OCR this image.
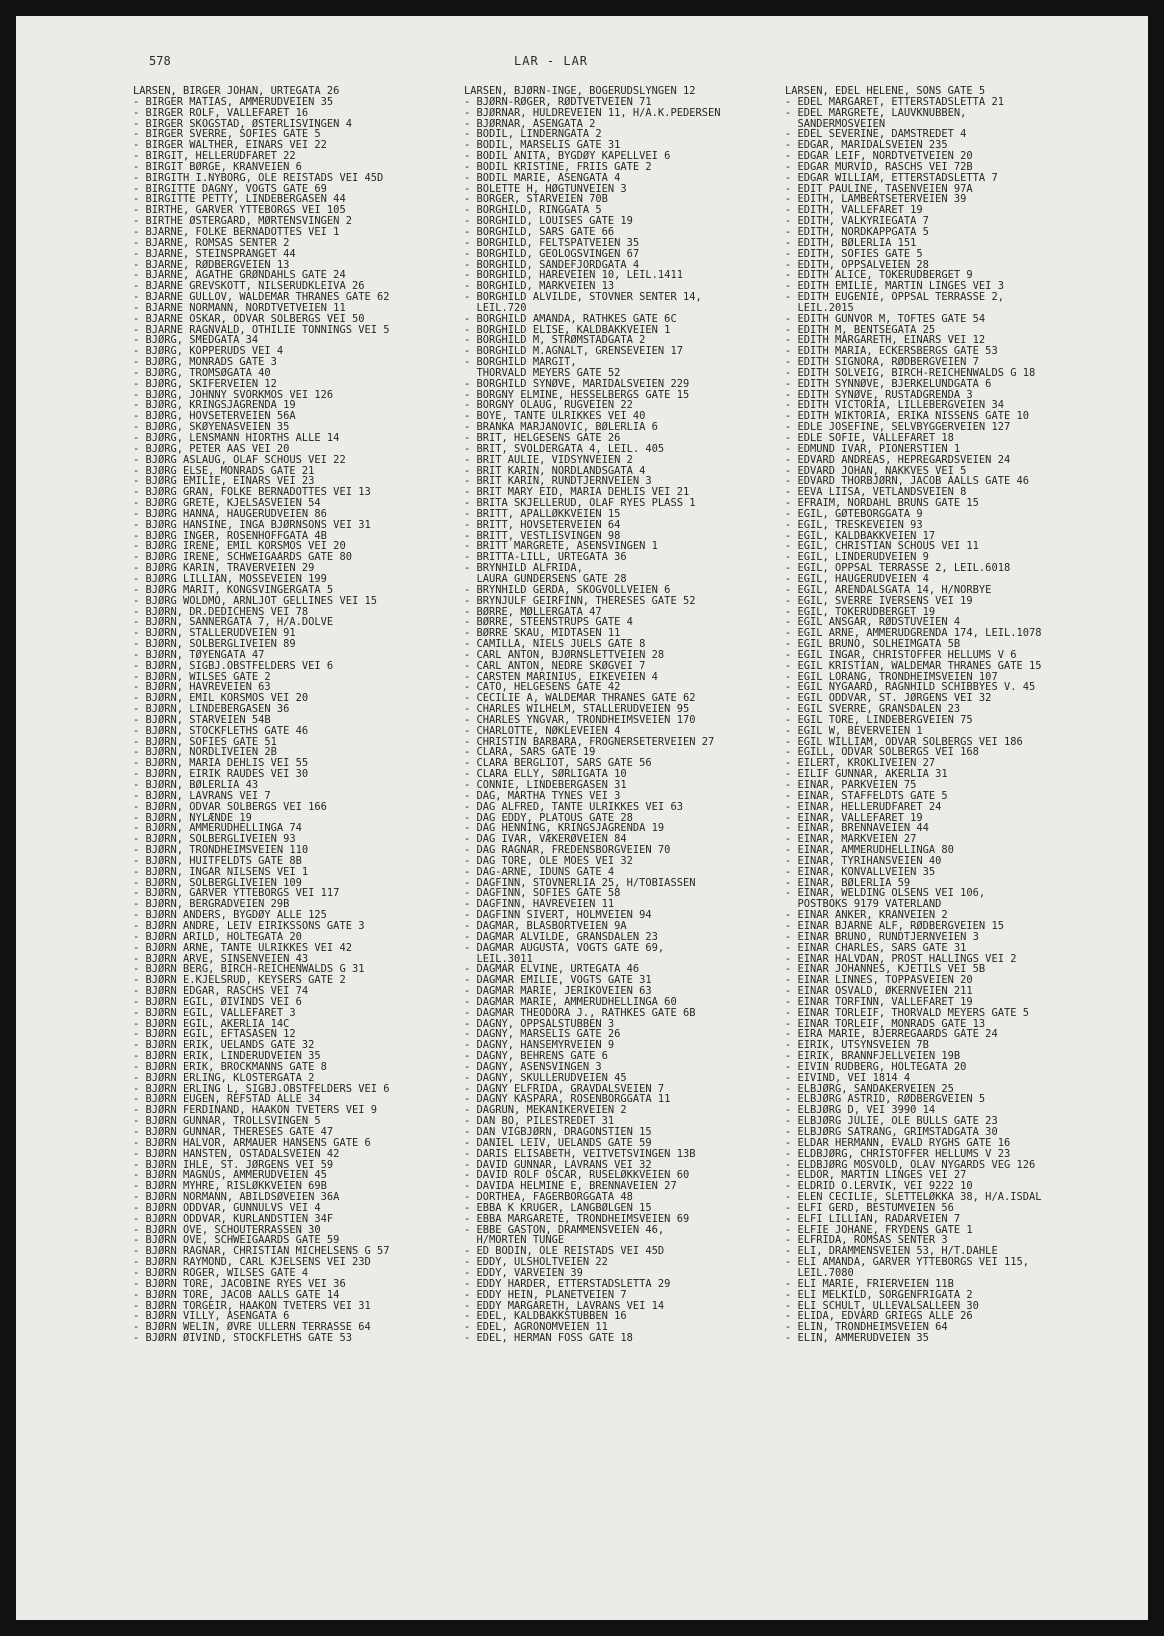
578	LAR - LAR
LARSEN, BIRGER JOHAN, URTEGATA 26
- BIRGER MATIAS, AMMERUDVEIEN 35
- BIRGER ROLF, VALLEFARET 16
- BIRGER SKOGSTAD, ØSTERLISVINGEN 4
- BIRGER SVERRE, SOFIES GATE 5
- BIRGER WALTHER, EINARS VEI 22
- BIRGIT, HELLERUDFARET 22
- BIRGIT BØRGE, KRANVEIEN 6
- BIRGITH I.NYBORG, OLE REISTADS VEI 45D
- BIRGITTE DAGNY, VOGTS GATE 69
- BIRGITTE PETTY, LINDEBERGÅSEN 44
- BIRTHE, GARVER YTTEBORGS VEI 105
- BIRTHE ØSTERGÅRD, MØRTENSVINGEN 2
- BJARNE, FOLKE BERNADOTTES VEI 1
- BJARNE, ROMSÅS SENTER 2
- BJARNE, STEINSPRANGET 44
- BJARNE, RØDBERGVEIEN 13
- BJARNE, AGATHE GRØNDAHLS GATE 24
- BJARNE GREVSKOTT, NILSERUDKLEIVA 26
- BJARNE GULLOV, WALDEMAR THRANES GATE 62
- BJARNE NORMANN, NORDTVETVEIEN 11
- BJARNE OSKAR, ODVAR SOLBERGS VEI 50
- BJARNE RAGNVALD, OTHILIE TONNINGS VEI 5
- BJØRG, SMEDGATA 34
- BJØRG, KOPPERUDS VEI 4
- BJØRG, MONRADS GATE 3
- BJØRG, TROMSØGATA 40
- BJØRG, SKIFERVEIEN 12
- BJØRG, JOHNNY SVORKMOS VEI 126
- BJØRG, KRINGSJÅGRENDA 19
- BJØRG, HOVSETERVEIEN 56A
- BJØRG, SKØYENÅSVEIEN 35
- BJØRG, LENSMANN HIORTHS ALLE 14
- BJØRG, PETER AAS VEI 20
- BJØRG ASLAUG, OLAF SCHOUS VEI 22
- BJØRG ELSE, MONRADS GATE 21
- BJØRG EMILIE, EINARS VEI 23
- BJØRG GRAN, FOLKE BERNADOTTES VEI 13
- BJØRG GRETE, KJELSÅSVEIEN 54
- BJØRG HANNA, HAUGERUDVEIEN 86
- BJØRG HANSINE, INGA BJØRNSONS VEI 31
- BJØRG INGER, ROSENHOFFGATA 4B
- BJØRG IRENE, EMIL KORSMOS VEI 20
- BJØRG IRENE, SCHWEIGAARDS GATE 80
- BJØRG KARIN, TRAVERVEIEN 29
- BJØRG LILLIAN, MOSSEVEIEN 199
- BJØRG MARIT, KONGSVINGERGATA 5
- BJØRG WOLDMO, ARNLJOT GELLINES VEI 15
- BJØRN, DR.DEDICHENS VEI 78
- BJØRN, SANNERGATA 7, H/A.DOLVE
- BJØRN, STALLERUDVEIEN 91
- BJØRN, SOLBERGLIVEIEN 89
- BJØRN, TØYENGATA 47
- BJØRN, SIGBJ.OBSTFELDERS VEI 6
- BJØRN, WILSES GATE 2
- BJØRN, HAVREVEIEN 63
- BJØRN, EMIL KORSMOS VEI 20
- BJØRN, LINDEBERGÅSEN 36
- BJØRN, STARVEIEN 54B
- BJØRN, STOCKFLETHS GATE 46
- BJØRN, SOFIES GATE 51
- BJØRN, NORDLIVEIEN 2B
- BJØRN, MARIA DEHLIS VEI 55
- BJØRN, EIRIK RAUDES VEI 30
- BJØRN, BØLERLIA 43
- BJØRN, LAVRANS VEI 7
- BJØRN, ODVAR SOLBERGS VEI 166
- BJØRN, NYLÆNDE 19
- BJØRN, AMMERUDHELLINGA 74
- BJØRN, SOLBERGLIVEIEN 93
- BJØRN, TRONDHEIMSVEIEN 110
- BJØRN, HUITFELDTS GATE 8B
- BJØRN, INGAR NILSENS VEI 1
- BJØRN, SOLBERGLIVEIEN 109
- BJØRN, GARVER YTTEBORGS VEI 117
- BJØRN, BERGRÅDVEIEN 29B
- BJØRN ANDERS, BYGDØY ALLE 125
- BJØRN ANDRE, LEIV EIRIKSSONS GATE 3
- BJØRN ARILD, HOLTEGATA 20
- BJØRN ARNE, TANTE ULRIKKES VEI 42
- BJØRN ARVE, SINSENVEIEN 43
- BJØRN BERG, BIRCH-REICHENWALDS G 31
- BJØRN E.KJELSRUD, KEYSERS GATE 2
- BJØRN EDGAR, RASCHS VEI 74
- BJØRN EGIL, ØIVINDS VEI 6
- BJØRN EGIL, VALLEFARET 3
- BJØRN EGIL, AKERLIA 14C
- BJØRN EGIL, EFTASÅSEN 12
- BJØRN ERIK, UELANDS GATE 32
- BJØRN ERIK, LINDERUDVEIEN 35
- BJØRN ERIK, BROCKMANNS GATE 8
- BJØRN ERLING, KLOSTERGATA 2
- BJØRN ERLING L, SIGBJ.OBSTFELDERS VEI 6
- BJØRN EUGEN, REFSTAD ALLE 34
- BJØRN FERDINAND, HAAKON TVETERS VEI 9
- BJØRN GUNNAR, TROLLSVINGEN 5
- BJØRN GUNNAR, THERESES GATE 47
- BJØRN HALVOR, ARMAUER HANSENS GATE 6
- BJØRN HANSTEN, OSTADALSVEIEN 42
- BJØRN IHLE, ST. JØRGENS VEI 59
- BJØRN MAGNUS, AMMERUDVEIEN 45
- BJØRN MYHRE, RISLØKKVEIEN 69B
- BJØRN NORMANN, ABILDSØVEIEN 36A
- BJØRN ODDVAR, GUNNULVS VEI 4
- BJØRN ODDVAR, KURLANDSTIEN 34F
- BJØRN OVE, SCHOUTERRASSEN 30
- BJØRN OVE, SCHWEIGAARDS GATE 59
- BJØRN RAGNAR, CHRISTIAN MICHELSENS G 57
- BJØRN RAYMOND, CARL KJELSENS VEI 23D
- BJØRN ROGER, WILSES GATE 4
- BJØRN TORE, JACOBINE RYES VEI 36
- BJØRN TORE, JACOB AALLS GATE 14
- BJØRN TORGEIR, HAAKON TVETERS VEI 31
- BJØRN VILLY, ÅSENGATA 6
- BJØRN WELIN, ØVRE ULLERN TERRASSE 64
- BJØRN ØIVIND, STOCKFLETHS GATE 53
LARSEN, BJØRN-INGE, BOGERUDSLYNGEN 12
- BJØRN-RØGER, RØDTVETVEIEN 71
- BJØRNAR, HULDREVEIEN 11, H/A.K.PEDERSEN
- BJØRNAR, ÅSENGATA 2
- BODIL, LINDERNGATA 2
- BODIL, MARSELIS GATE 31
- BODIL ANITA, BYGDØY KAPELLVEI 6
- BODIL KRISTINE, FRIIS GATE 2
- BODIL MARIE, ÅSENGATA 4
- BOLETTE H, HØGTUNVEIEN 3
- BORGER, STARVEIEN 70B
- BORGHILD, RINGGATA 5
- BORGHILD, LOUISES GATE 19
- BORGHILD, SARS GATE 66
- BORGHILD, FELTSPATVEIEN 35
- BORGHILD, GEOLOGSVINGEN 67
- BORGHILD, SANDEFJORDGATA 4
- BORGHILD, HAREVEIEN 10, LEIL.1411
- BORGHILD, MARKVEIEN 13
- BORGHILD ALVILDE, STOVNER SENTER 14,
LEIL.720
- BORGHILD AMANDA, RATHKES GATE 6C
- BORGHILD ELISE, KALDBAKKVEIEN 1
- BORGHILD M, STRØMSTADGATA 2
- BORGHILD M.AGNALT, GRENSEVEIEN 17
- BORGHILD MARGIT,
THORVALD MEYERS GATE 52
- BORGHILD SYNØVE, MARIDALSVEIEN 229
- BORGNY ELMINE, HESSELBERGS GATE 15
- BORGNY OLAUG, RUGVEIEN 22
- BOYE, TANTE ULRIKKES VEI 40
- BRANKA MARJANOVIC, BØLERLIA 6
- BRIT, HELGESENS GATE 26
- BRIT, SVOLDERGATA 4, LEIL. 405
- BRIT AULIE, VIDSYNVEIEN 2
- BRIT KARIN, NORDLANDSGATA 4
- BRIT KARIN, RUNDTJERNVEIEN 3
- BRIT MARY EID, MARIA DEHLIS VEI 21
- BRITA SKJELLERUD, OLAF RYES PLASS 1
- BRITT, APALLØKKVEIEN 15
- BRITT, HOVSETERVEIEN 64
- BRITT, VESTLISVINGEN 98
- BRITT MARGRETE, ÅSENSVINGEN 1
- BRITTA-LILL, URTEGATA 36
- BRYNHILD ALFRIDA,
LAURA GUNDERSENS GATE 28
- BRYNHILD GERDA, SKOGVOLLVEIEN 6
- BRYNJULF GEIRFINN, THERESES GATE 52
- BØRRE, MØLLERGATA 47
- BØRRE, STEENSTRUPS GATE 4
- BØRRE SKAU, MIDTÅSEN 11
- CAMILLA, NIELS JUELS GATE 8
- CARL ANTON, BJØRNSLETTVEIEN 28
- CARL ANTON, NEDRE SKØGVEI 7
- CARSTEN MARINIUS, EIKEVEIEN 4
- CATO, HELGESENS GATE 42
- CECILIE A, WALDEMAR THRANES GATE 62
- CHARLES WILHELM, STALLERUDVEIEN 95
- CHARLES YNGVAR, TRONDHEIMSVEIEN 170
- CHARLOTTE, NØKLEVEIEN 4
- CHRISTIN BARBARA, FROGNERSETERVEIEN 27
- CLARA, SARS GATE 19
- CLARA BERGLIOT, SARS GATE 56
- CLARA ELLY, SØRLIGATA 10
- CONNIE, LINDEBERGÅSEN 31
- DAG, MARTHA TYNES VEI 3
- DAG ALFRED, TANTE ULRIKKES VEI 63
- DAG EDDY, PLATOUS GATE 28
- DAG HENNING, KRINGSJÅGRENDA 19
- DAG IVAR, VÆKERØVEIEN 84
- DAG RAGNAR, FREDENSBORGVEIEN 70
- DAG TORE, OLE MOES VEI 32
- DAG-ARNE, IDUNS GATE 4
- DAGFINN, STOVNERLIA 25, H/TOBIASSEN
- DAGFINN, SOFIES GATE 58
- DAGFINN, HAVREVEIEN 11
- DAGFINN SIVERT, HOLMVEIEN 94
- DAGMAR, BLÅSBORTVEIEN 9A
- DAGMAR ALVILDE, GRANSDALEN 23
- DAGMAR AUGUSTA, VOGTS GATE 69,
LEIL.3011
- DAGMAR ELVINE, URTEGATA 46
- DAGMAR EMILIE, VOGTS GATE 31
- DAGMAR MARIE, JERIKOVEIEN 63
- DAGMAR MARIE, AMMERUDHELLINGA 60
- DAGMAR THEODORA J., RATHKES GATE 6B
- DAGNY, OPPSALSTUBBEN 3
- DAGNY, MARSELIS GATE 26
- DAGNY, HANSEMYRVEIEN 9
- DAGNY, BEHRENS GATE 6
- DAGNY, ÅSENSVINGEN 3
- DAGNY, SKULLERUDVEIEN 45
- DAGNY ELFRIDA, GRAVDALSVEIEN 7
- DAGNY KASPARA, ROSENBORGGATA 11
- DAGRUN, MEKANIKERVEIEN 2
- DAN BO, PILESTREDET 31
- DAN VIGBJØRN, DRAGONSTIEN 15
- DANIEL LEIV, UELANDS GATE 59
- DARIS ELISABETH, VEITVETSVINGEN 13B
- DAVID GUNNAR, LAVRANS VEI 32
- DAVID ROLF OSCAR, RUSELØKKVEIEN 60
- DAVIDA HELMINE E, BRENNAVEIEN 27
- DORTHEA, FAGERBORGGATA 48
- EBBA K KRUGER, LANGBØLGEN 15
- EBBA MARGARETE, TRONDHEIMSVEIEN 69
- EBBE GASTON, DRAMMENSVEIEN 46,
H/MORTEN TUNGE
- ED BODIN, OLE REISTADS VEI 45D
- EDDY, ULSHOLTVEIEN 22
- EDDY, VARVEIEN 39
- EDDY HARDER, ETTERSTADSLETTA 29
- EDDY HEIN, PLANETVEIEN 7
- EDDY MARGARETH, LAVRANS VEI 14
- EDEL, KALDBAKKSTUBBEN 16
- EDEL, AGRONOMVEIEN 11
- EDEL, HERMAN FOSS GATE 18
LARSEN, EDEL HELENE, SONS GATE 5
- EDEL MARGARET, ETTERSTADSLETTA 21
- EDEL MARGRETE, LAUVKNUBBEN,
SANDERMOSVEIEN
- EDEL SEVERINE, DAMSTREDET 4
- EDGAR, MARIDALSVEIEN 235
- EDGAR LEIF, NORDTVETVEIEN 20
- EDGAR MURVID, RASCHS VEI 72B
- EDGAR WILLIAM, ETTERSTADSLETTA 7
- EDIT PAULINE, TÅSENVEIEN 97A
- EDITH, LAMBERTSETERVEIEN 39
- EDITH, VALLEFARET 19
- EDITH, VALKYRIEGATA 7
- EDITH, NORDKAPPGATA 5
- EDITH, BØLERLIA 151
- EDITH, SOFIES GATE 5
- EDITH, OPPSALVEIEN 28
- EDITH ALICE, TOKERUDBERGET 9
- EDITH EMILIE, MARTIN LINGES VEI 3
- EDITH EUGENIE, OPPSAL TERRASSE 2,
LEIL.2015
- EDITH GUNVOR M, TOFTES GATE 54
- EDITH M, BENTSEGATA 25
- EDITH MARGARETH, EINARS VEI 12
- EDITH MARIA, ECKERSBERGS GATE 53
- EDITH SIGNORA, RØDBERGVEIEN 7
- EDITH SOLVEIG, BIRCH-REICHENWALDS G 18
- EDITH SYNNØVE, BJERKELUNDGATA 6
- EDITH SYNØVE, RUSTADGRENDA 3
- EDITH VICTORIA, LILLEBERGVEIEN 34
- EDITH WIKTORIA, ERIKA NISSENS GATE 10
- EDLE JOSEFINE, SELVBYGGERVEIEN 127
- EDLE SOFIE, VALLEFARET 18
- EDMUND IVAR, PIONERSTIEN 1
- EDVARD ANDREAS, HEPREGÅRDSVEIEN 24
- EDVARD JOHAN, NÅKKVES VEI 5
- EDVARD THORBJØRN, JACOB AALLS GATE 46
- EEVA LIISA, VETLANDSVEIEN 8
- EFRAIM, NORDAHL BRUNS GATE 15
- EGIL, GØTEBORGGATA 9
- EGIL, TRESKEVEIEN 93
- EGIL, KALDBAKKVEIEN 17
- EGIL, CHRISTIAN SCHOUS VEI 11
- EGIL, LINDERUDVEIEN 9
- EGIL, OPPSAL TERRASSE 2, LEIL.6018
- EGIL, HAUGERUDVEIEN 4
- EGIL, ARENDALSGATA 14, H/NORBYE
- EGIL, SVERRE IVERSENS VEI 19
- EGIL, TOKERUDBERGET 19
- EGIL ANSGAR, RØDSTUVEIEN 4
- EGIL ARNE, AMMERUDGRENDA 174, LEIL.1078
- EGIL BRUNO, SOLHEIMGATA 5B
- EGIL INGAR, CHRISTOFFER HELLUMS V 6
- EGIL KRISTIAN, WALDEMAR THRANES GATE 15
- EGIL LORANG, TRONDHEIMSVEIEN 107
- EGIL NYGAARD, RAGNHILD SCHIBBYES V. 45
- EGIL ODDVAR, ST. JØRGENS VEI 32
- EGIL SVERRE, GRANSDALEN 23
- EGIL TORE, LINDEBERGVEIEN 75
- EGIL W, BEVERVEIEN 1
- EGIL WILLIAM, ODVAR SOLBERGS VEI 186
- EGILL, ODVAR SOLBERGS VEI 168
- EILERT, KROKLIVEIEN 27
- EILIF GUNNAR, AKERLIA 31
- EINAR, PARKVEIEN 75
- EINAR, STAFFELDTS GATE 5
- EINAR, HELLERUDFARET 24
- EINAR, VALLEFARET 19
- EINAR, BRENNAVEIEN 44
- EINAR, MARKVEIEN 27
- EINAR, AMMERUDHELLINGA 80
- EINAR, TYRIHANSVEIEN 40
- EINAR, KONVALLVEIEN 35
- EINAR, BØLERLIA 59
- EINAR, WELDING OLSENS VEI 106,
POSTBOKS 9179 VATERLAND
- EINAR ANKER, KRANVEIEN 2
- EINAR BJARNE ALF, RØDBERGVEIEN 15
- EINAR BRUNO, RUNDTJERNVEIEN 3
- EINAR CHARLES, SARS GATE 31
- EINAR HALVDAN, PROST HALLINGS VEI 2
- EINAR JOHANNES, KJETILS VEI 5B
- EINAR LINNES, TOPPÅSVEIEN 20
- EINAR OSVALD, ØKERNVEIEN 211
- EINAR TORFINN, VALLEFARET 19
- EINAR TORLEIF, THORVALD MEYERS GATE 5
- EINAR TORLEIF, MONRADS GATE 13
- EIRA MARIE, BJERREGAARDS GATE 24
- EIRIK, UTSYNSVEIEN 7B
- EIRIK, BRANNFJELLVEIEN 19B
- EIVIN RUDBERG, HOLTEGATA 20
- EIVIND, VEI 1814 4
- ELBJØRG, SANDAKERVEIEN 25
- ELBJØRG ASTRID, RØDBERGVEIEN 5
- ELBJØRG D, VEI 3990 14
- ELBJØRG JULIE, OLE BULLS GATE 23
- ELBJØRG SATRANG, GRIMSTADGATA 30
- ELDAR HERMANN, EVALD RYGHS GATE 16
- ELDBJØRG, CHRISTOFFER HELLUMS V 23
- ELDBJØRG MOSVOLD, OLAV NYGARDS VEG 126
- ELDOR, MARTIN LINGES VEI 27
- ELDRID O.LERVIK, VEI 9222 10
- ELEN CECILIE, SLETTELØKKA 38, H/A.ISDAL
- ELFI GERD, BESTUMVEIEN 56
- ELFI LILLIAN, RADARVEIEN 7
- ELFIE JOHANE, FRYDENS GATE 1
- ELFRIDA, ROMSÅS SENTER 3
- ELI, DRAMMENSVEIEN 53, H/T.DAHLE
- ELI AMANDA, GARVER YTTEBORGS VEI 115,
LEIL.7080
- ELI MARIE, FRIERVEIEN 11B
- ELI MELKILD, SORGENFRIGATA 2
- ELI SCHULT, ULLEVÅLSALLEEN 30
- ELIDA, EDVARD GRIEGS ALLE 26
- ELIN, TRONDHEIMSVEIEN 64
- ELIN, AMMERUDVEIEN 35
